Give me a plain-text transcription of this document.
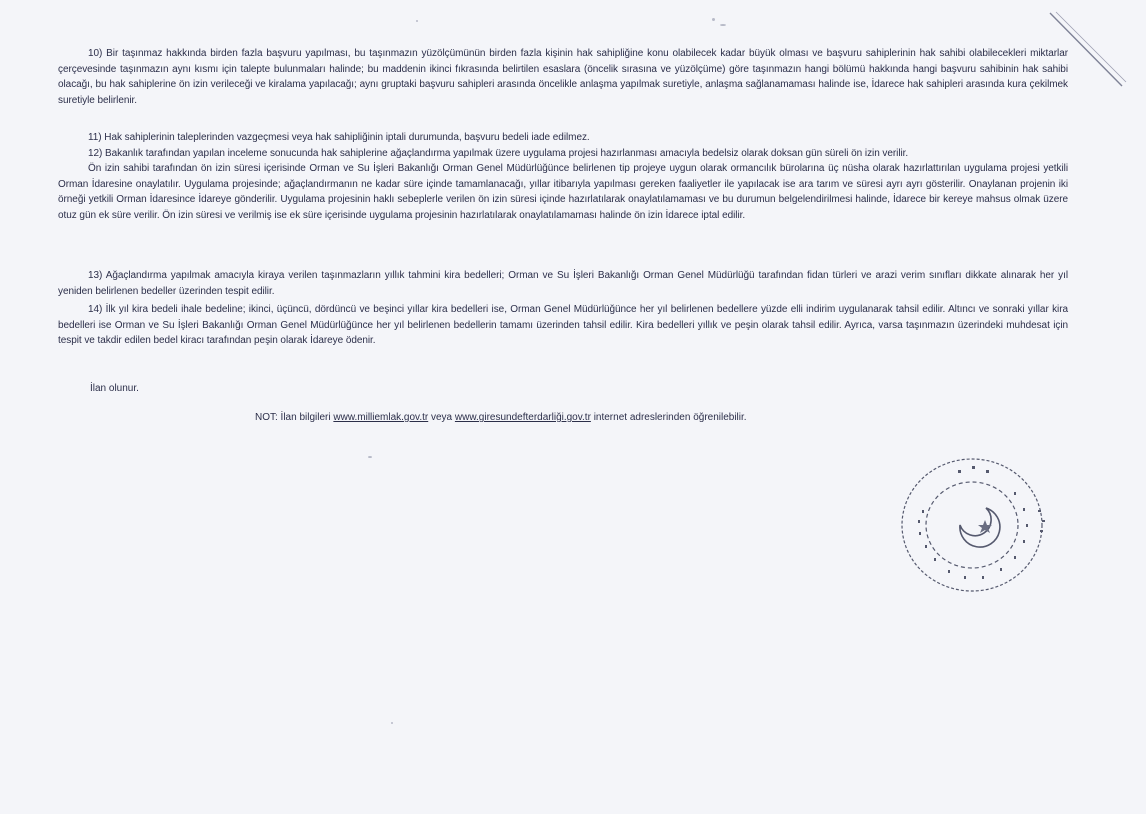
10) Bir taşınmaz hakkında birden fazla başvuru yapılması, bu taşınmazın yüzölçümünün birden fazla kişinin hak sahipliğine konu olabilecek kadar büyük olması ve başvuru sahiplerinin hak sahibi olabilecekleri miktarlar çerçevesinde taşınmazın aynı kısmı için talepte bulunmaları halinde; bu maddenin ikinci fıkrasında belirtilen esaslara (öncelik sırasına ve yüzölçüme) göre taşınmazın hangi bölümü hakkında hangi başvuru sahibinin hak sahibi olacağı, bu hak sahiplerine ön izin verileceği ve kiralama yapılacağı; aynı gruptaki başvuru sahipleri arasında öncelikle anlaşma yapılmak suretiyle, anlaşma sağlanamaması halinde ise, İdarece hak sahipleri arasında kura çekilmek suretiyle belirlenir.

11) Hak sahiplerinin taleplerinden vazgeçmesi veya hak sahipliğinin iptali durumunda, başvuru bedeli iade edilmez.

12) Bakanlık tarafından yapılan inceleme sonucunda hak sahiplerine ağaçlandırma yapılmak üzere uygulama projesi hazırlanması amacıyla bedelsiz olarak doksan gün süreli ön izin verilir.

Ön izin sahibi tarafından ön izin süresi içerisinde Orman ve Su İşleri Bakanlığı Orman Genel Müdürlüğünce belirlenen tip projeye uygun olarak ormancılık bürolarına üç nüsha olarak hazırlattırılan uygulama projesi yetkili Orman İdaresine onaylatılır. Uygulama projesinde; ağaçlandırmanın ne kadar süre içinde tamamlanacağı, yıllar itibarıyla yapılması gereken faaliyetler ile yapılacak ise ara tarım ve süresi ayrı ayrı gösterilir. Onaylanan projenin iki örneği yetkili Orman İdaresince İdareye gönderilir. Uygulama projesinin haklı sebeplerle verilen ön izin süresi içinde hazırlatılarak onaylatılamaması ve bu durumun belgelendirilmesi halinde, İdarece bir kereye mahsus olmak üzere otuz gün ek süre verilir. Ön izin süresi ve verilmiş ise ek süre içerisinde uygulama projesinin hazırlatılarak onaylatılamaması halinde ön izin İdarece iptal edilir.

13) Ağaçlandırma yapılmak amacıyla kiraya verilen taşınmazların yıllık tahmini kira bedelleri; Orman ve Su İşleri Bakanlığı Orman Genel Müdürlüğü tarafından fidan türleri ve arazi verim sınıfları dikkate alınarak her yıl yeniden belirlenen bedeller üzerinden tespit edilir.

14) İlk yıl kira bedeli ihale bedeline; ikinci, üçüncü, dördüncü ve beşinci yıllar kira bedelleri ise, Orman Genel Müdürlüğünce her yıl belirlenen bedellere yüzde elli indirim uygulanarak tahsil edilir. Altıncı ve sonraki yıllar kira bedelleri ise Orman ve Su İşleri Bakanlığı Orman Genel Müdürlüğünce her yıl belirlenen bedellerin tamamı üzerinden tahsil edilir. Kira bedelleri yıllık ve peşin olarak tahsil edilir. Ayrıca, varsa taşınmazın üzerindeki muhdesat için tespit ve takdir edilen bedel kiracı tarafından peşin olarak İdareye ödenir.

İlan olunur.
NOT: İlan bilgileri www.milliemlak.gov.tr veya www.giresundefterdarliği.gov.tr internet adreslerinden öğrenilebilir.
